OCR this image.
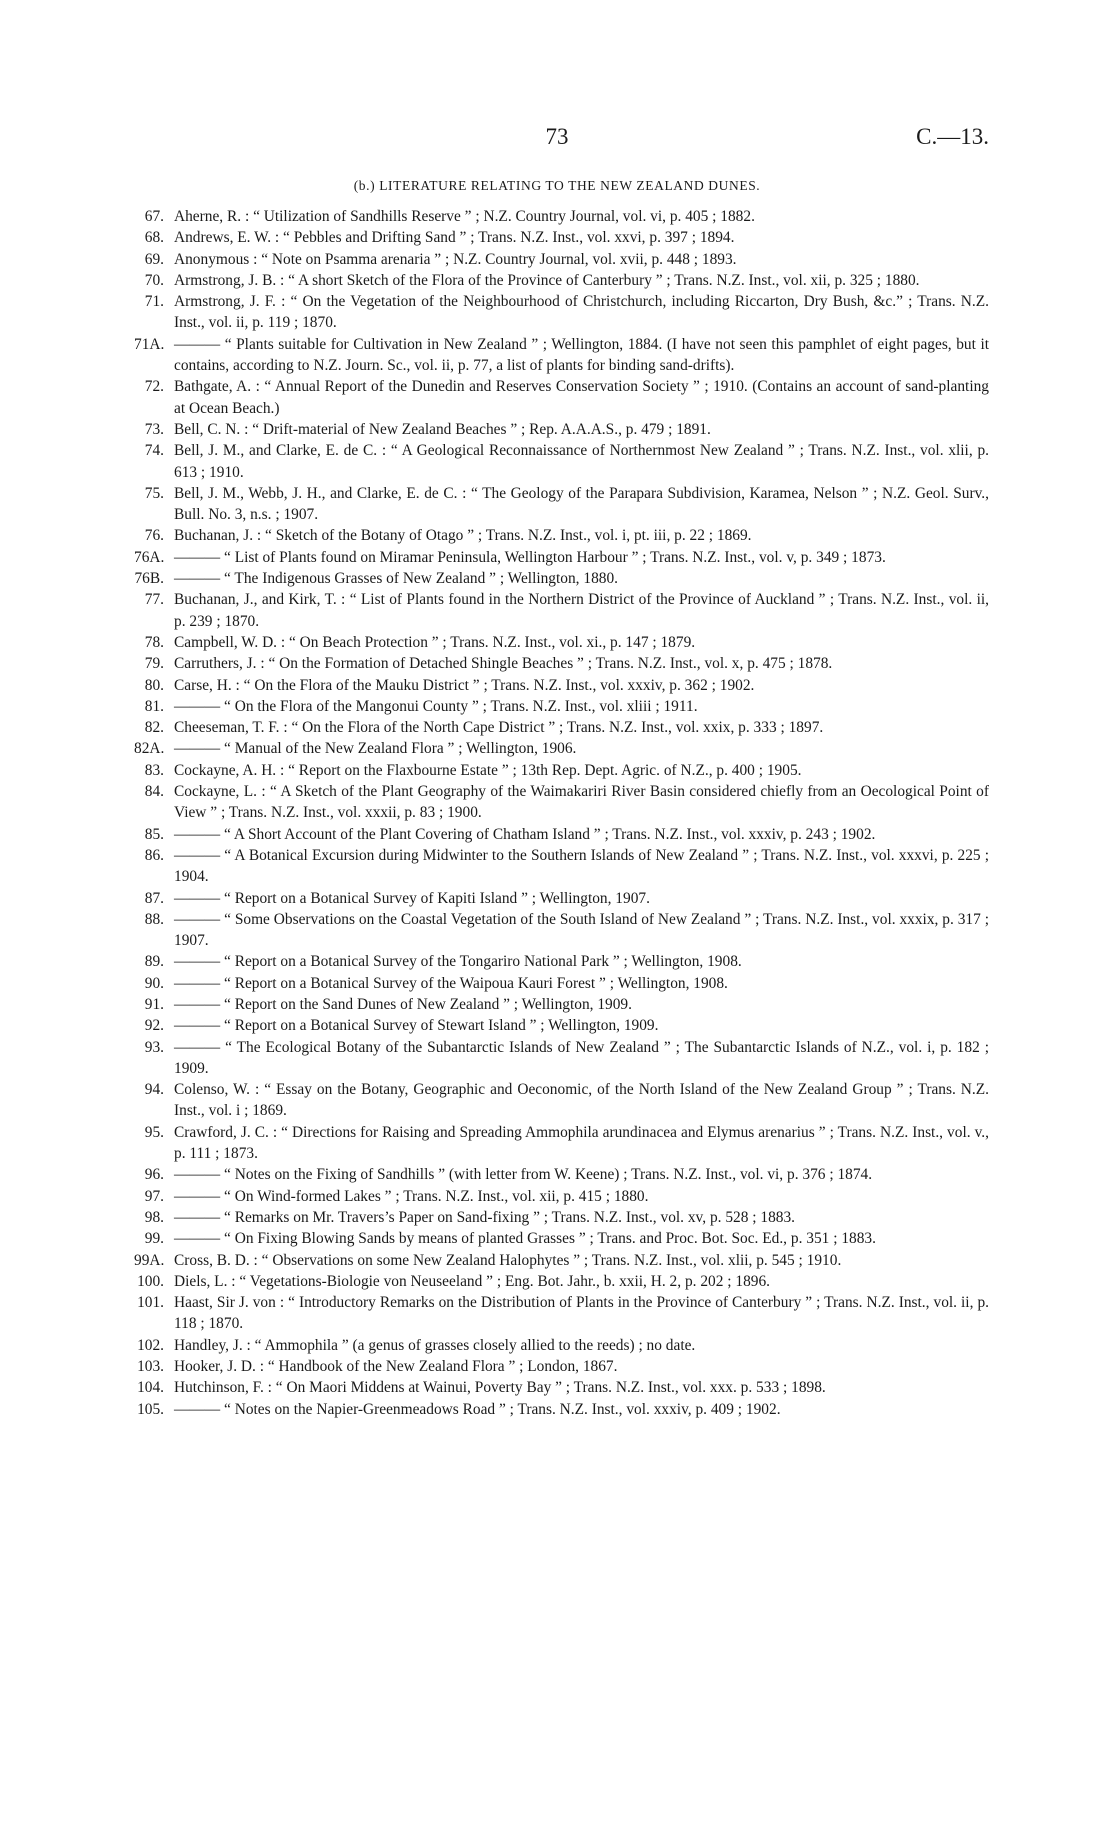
73	C.—13.
(b.) LITERATURE RELATING TO THE NEW ZEALAND DUNES.
67. Aherne, R. : “ Utilization of Sandhills Reserve ” ; N.Z. Country Journal, vol. vi, p. 405 ; 1882.
68. Andrews, E. W. : “ Pebbles and Drifting Sand ” ; Trans. N.Z. Inst., vol. xxvi, p. 397 ; 1894.
69. Anonymous : “ Note on Psamma arenaria ” ; N.Z. Country Journal, vol. xvii, p. 448 ; 1893.
70. Armstrong, J. B. : “ A short Sketch of the Flora of the Province of Canterbury ” ; Trans. N.Z. Inst., vol. xii, p. 325 ; 1880.
71. Armstrong, J. F. : “ On the Vegetation of the Neighbourhood of Christchurch, including Riccarton, Dry Bush, &c.” ; Trans. N.Z. Inst., vol. ii, p. 119 ; 1870.
71A. ——— “ Plants suitable for Cultivation in New Zealand ” ; Wellington, 1884. (I have not seen this pamphlet of eight pages, but it contains, according to N.Z. Journ. Sc., vol. ii, p. 77, a list of plants for binding sand-drifts).
72. Bathgate, A. : “ Annual Report of the Dunedin and Reserves Conservation Society ” ; 1910. (Contains an account of sand-planting at Ocean Beach.)
73. Bell, C. N. : “ Drift-material of New Zealand Beaches ” ; Rep. A.A.A.S., p. 479 ; 1891.
74. Bell, J. M., and Clarke, E. de C. : “ A Geological Reconnaissance of Northernmost New Zealand ” ; Trans. N.Z. Inst., vol. xlii, p. 613 ; 1910.
75. Bell, J. M., Webb, J. H., and Clarke, E. de C. : “ The Geology of the Parapara Subdivision, Karamea, Nelson ” ; N.Z. Geol. Surv., Bull. No. 3, n.s. ; 1907.
76. Buchanan, J. : “ Sketch of the Botany of Otago ” ; Trans. N.Z. Inst., vol. i, pt. iii, p. 22 ; 1869.
76A. ——— “ List of Plants found on Miramar Peninsula, Wellington Harbour ” ; Trans. N.Z. Inst., vol. v, p. 349 ; 1873.
76B. ——— “ The Indigenous Grasses of New Zealand ” ; Wellington, 1880.
77. Buchanan, J., and Kirk, T. : “ List of Plants found in the Northern District of the Province of Auckland ” ; Trans. N.Z. Inst., vol. ii, p. 239 ; 1870.
78. Campbell, W. D. : “ On Beach Protection ” ; Trans. N.Z. Inst., vol. xi., p. 147 ; 1879.
79. Carruthers, J. : “ On the Formation of Detached Shingle Beaches ” ; Trans. N.Z. Inst., vol. x, p. 475 ; 1878.
80. Carse, H. : “ On the Flora of the Mauku District ” ; Trans. N.Z. Inst., vol. xxxiv, p. 362 ; 1902.
81. ——— “ On the Flora of the Mangonui County ” ; Trans. N.Z. Inst., vol. xliii ; 1911.
82. Cheeseman, T. F. : “ On the Flora of the North Cape District ” ; Trans. N.Z. Inst., vol. xxix, p. 333 ; 1897.
82A. ——— “ Manual of the New Zealand Flora ” ; Wellington, 1906.
83. Cockayne, A. H. : “ Report on the Flaxbourne Estate ” ; 13th Rep. Dept. Agric. of N.Z., p. 400 ; 1905.
84. Cockayne, L. : “ A Sketch of the Plant Geography of the Waimakariri River Basin considered chiefly from an Oecological Point of View ” ; Trans. N.Z. Inst., vol. xxxii, p. 83 ; 1900.
85. ——— “ A Short Account of the Plant Covering of Chatham Island ” ; Trans. N.Z. Inst., vol. xxxiv, p. 243 ; 1902.
86. ——— “ A Botanical Excursion during Midwinter to the Southern Islands of New Zealand ” ; Trans. N.Z. Inst., vol. xxxvi, p. 225 ; 1904.
87. ——— “ Report on a Botanical Survey of Kapiti Island ” ; Wellington, 1907.
88. ——— “ Some Observations on the Coastal Vegetation of the South Island of New Zealand ” ; Trans. N.Z. Inst., vol. xxxix, p. 317 ; 1907.
89. ——— “ Report on a Botanical Survey of the Tongariro National Park ” ; Wellington, 1908.
90. ——— “ Report on a Botanical Survey of the Waipoua Kauri Forest ” ; Wellington, 1908.
91. ——— “ Report on the Sand Dunes of New Zealand ” ; Wellington, 1909.
92. ——— “ Report on a Botanical Survey of Stewart Island ” ; Wellington, 1909.
93. ——— “ The Ecological Botany of the Subantarctic Islands of New Zealand ” ; The Subantarctic Islands of N.Z., vol. i, p. 182 ; 1909.
94. Colenso, W. : “ Essay on the Botany, Geographic and Oeconomic, of the North Island of the New Zealand Group ” ; Trans. N.Z. Inst., vol. i ; 1869.
95. Crawford, J. C. : “ Directions for Raising and Spreading Ammophila arundinacea and Elymus arenarius ” ; Trans. N.Z. Inst., vol. v., p. 111 ; 1873.
96. ——— “ Notes on the Fixing of Sandhills ” (with letter from W. Keene) ; Trans. N.Z. Inst., vol. vi, p. 376 ; 1874.
97. ——— “ On Wind-formed Lakes ” ; Trans. N.Z. Inst., vol. xii, p. 415 ; 1880.
98. ——— “ Remarks on Mr. Travers’s Paper on Sand-fixing ” ; Trans. N.Z. Inst., vol. xv, p. 528 ; 1883.
99. ——— “ On Fixing Blowing Sands by means of planted Grasses ” ; Trans. and Proc. Bot. Soc. Ed., p. 351 ; 1883.
99A. Cross, B. D. : “ Observations on some New Zealand Halophytes ” ; Trans. N.Z. Inst., vol. xlii, p. 545 ; 1910.
100. Diels, L. : “ Vegetations-Biologie von Neuseeland ” ; Eng. Bot. Jahr., b. xxii, H. 2, p. 202 ; 1896.
101. Haast, Sir J. von : “ Introductory Remarks on the Distribution of Plants in the Province of Canterbury ” ; Trans. N.Z. Inst., vol. ii, p. 118 ; 1870.
102. Handley, J. : “ Ammophila ” (a genus of grasses closely allied to the reeds) ; no date.
103. Hooker, J. D. : “ Handbook of the New Zealand Flora ” ; London, 1867.
104. Hutchinson, F. : “ On Maori Middens at Wainui, Poverty Bay ” ; Trans. N.Z. Inst., vol. xxx. p. 533 ; 1898.
105. ——— “ Notes on the Napier-Greenmeadows Road ” ; Trans. N.Z. Inst., vol. xxxiv, p. 409 ; 1902.
